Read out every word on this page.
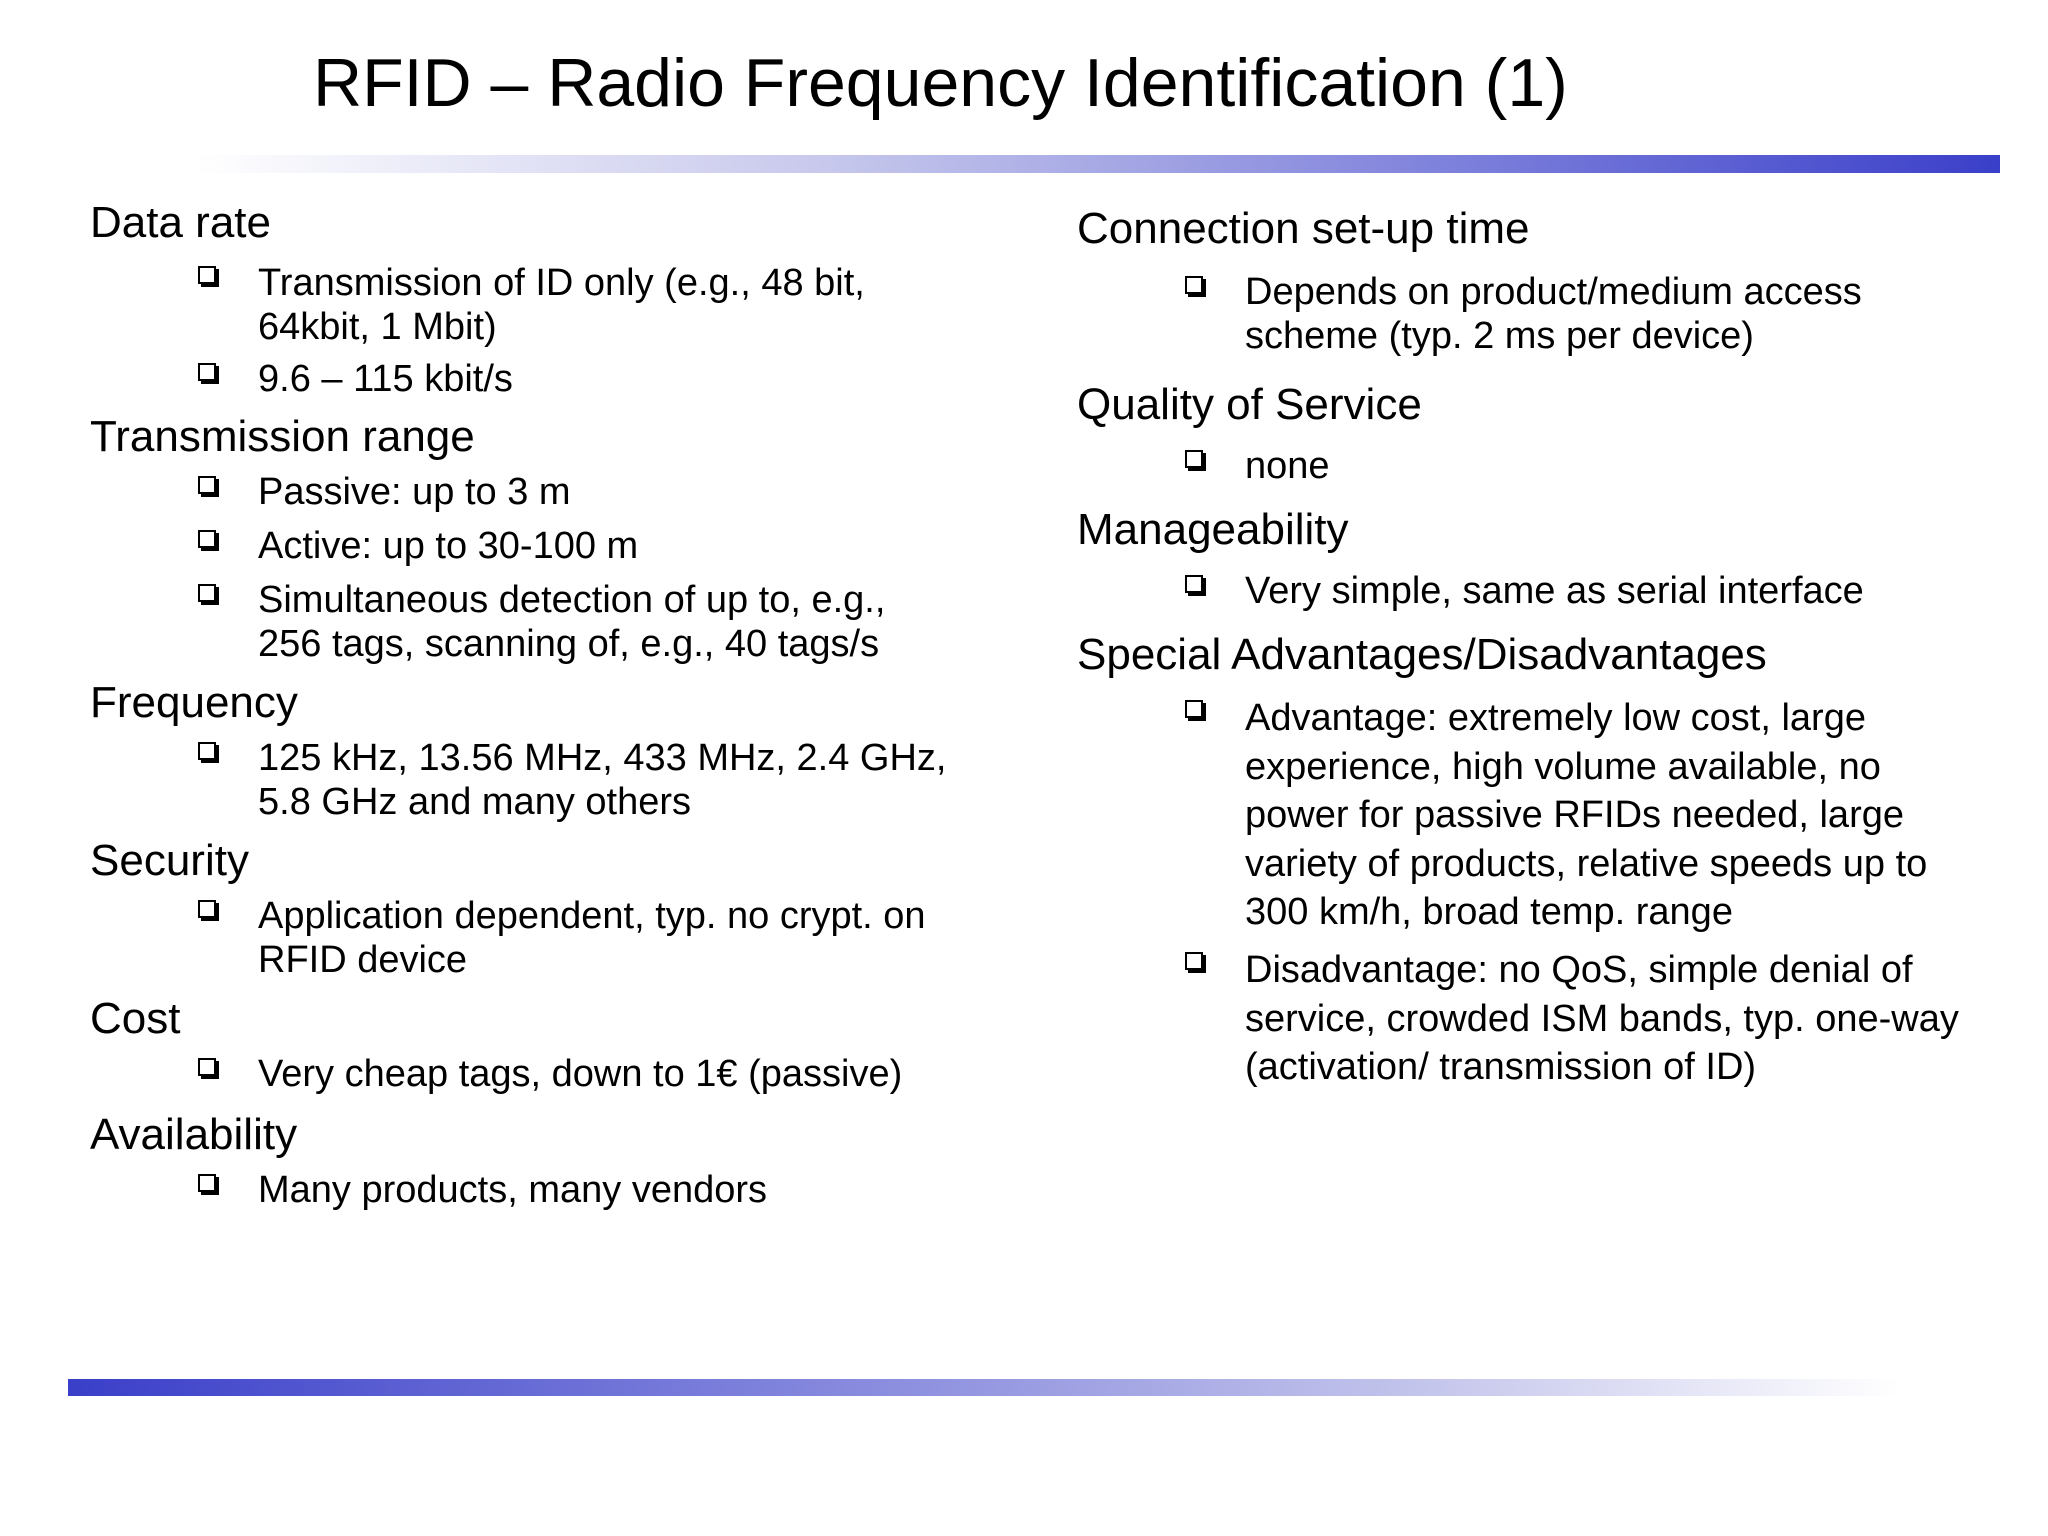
RFID – Radio Frequency Identification (1)
Data rate
Transmission of ID only (e.g., 48 bit, 64kbit, 1 Mbit)
9.6 – 115 kbit/s
Transmission range
Passive: up to 3 m
Active: up to 30-100 m
Simultaneous detection of up to, e.g., 256 tags, scanning of, e.g., 40 tags/s
Frequency
125 kHz, 13.56 MHz, 433 MHz, 2.4 GHz, 5.8 GHz and many others
Security
Application dependent, typ. no crypt. on RFID device
Cost
Very cheap tags, down to 1€ (passive)
Availability
Many products, many vendors
Connection set-up time
Depends on product/medium access scheme (typ. 2 ms per device)
Quality of Service
none
Manageability
Very simple, same as serial interface
Special Advantages/Disadvantages
Advantage: extremely low cost, large experience, high volume available, no power for passive RFIDs needed, large variety of products, relative speeds up to 300 km/h, broad temp. range
Disadvantage: no QoS, simple denial of service, crowded ISM bands, typ. one-way (activation/ transmission of ID)
